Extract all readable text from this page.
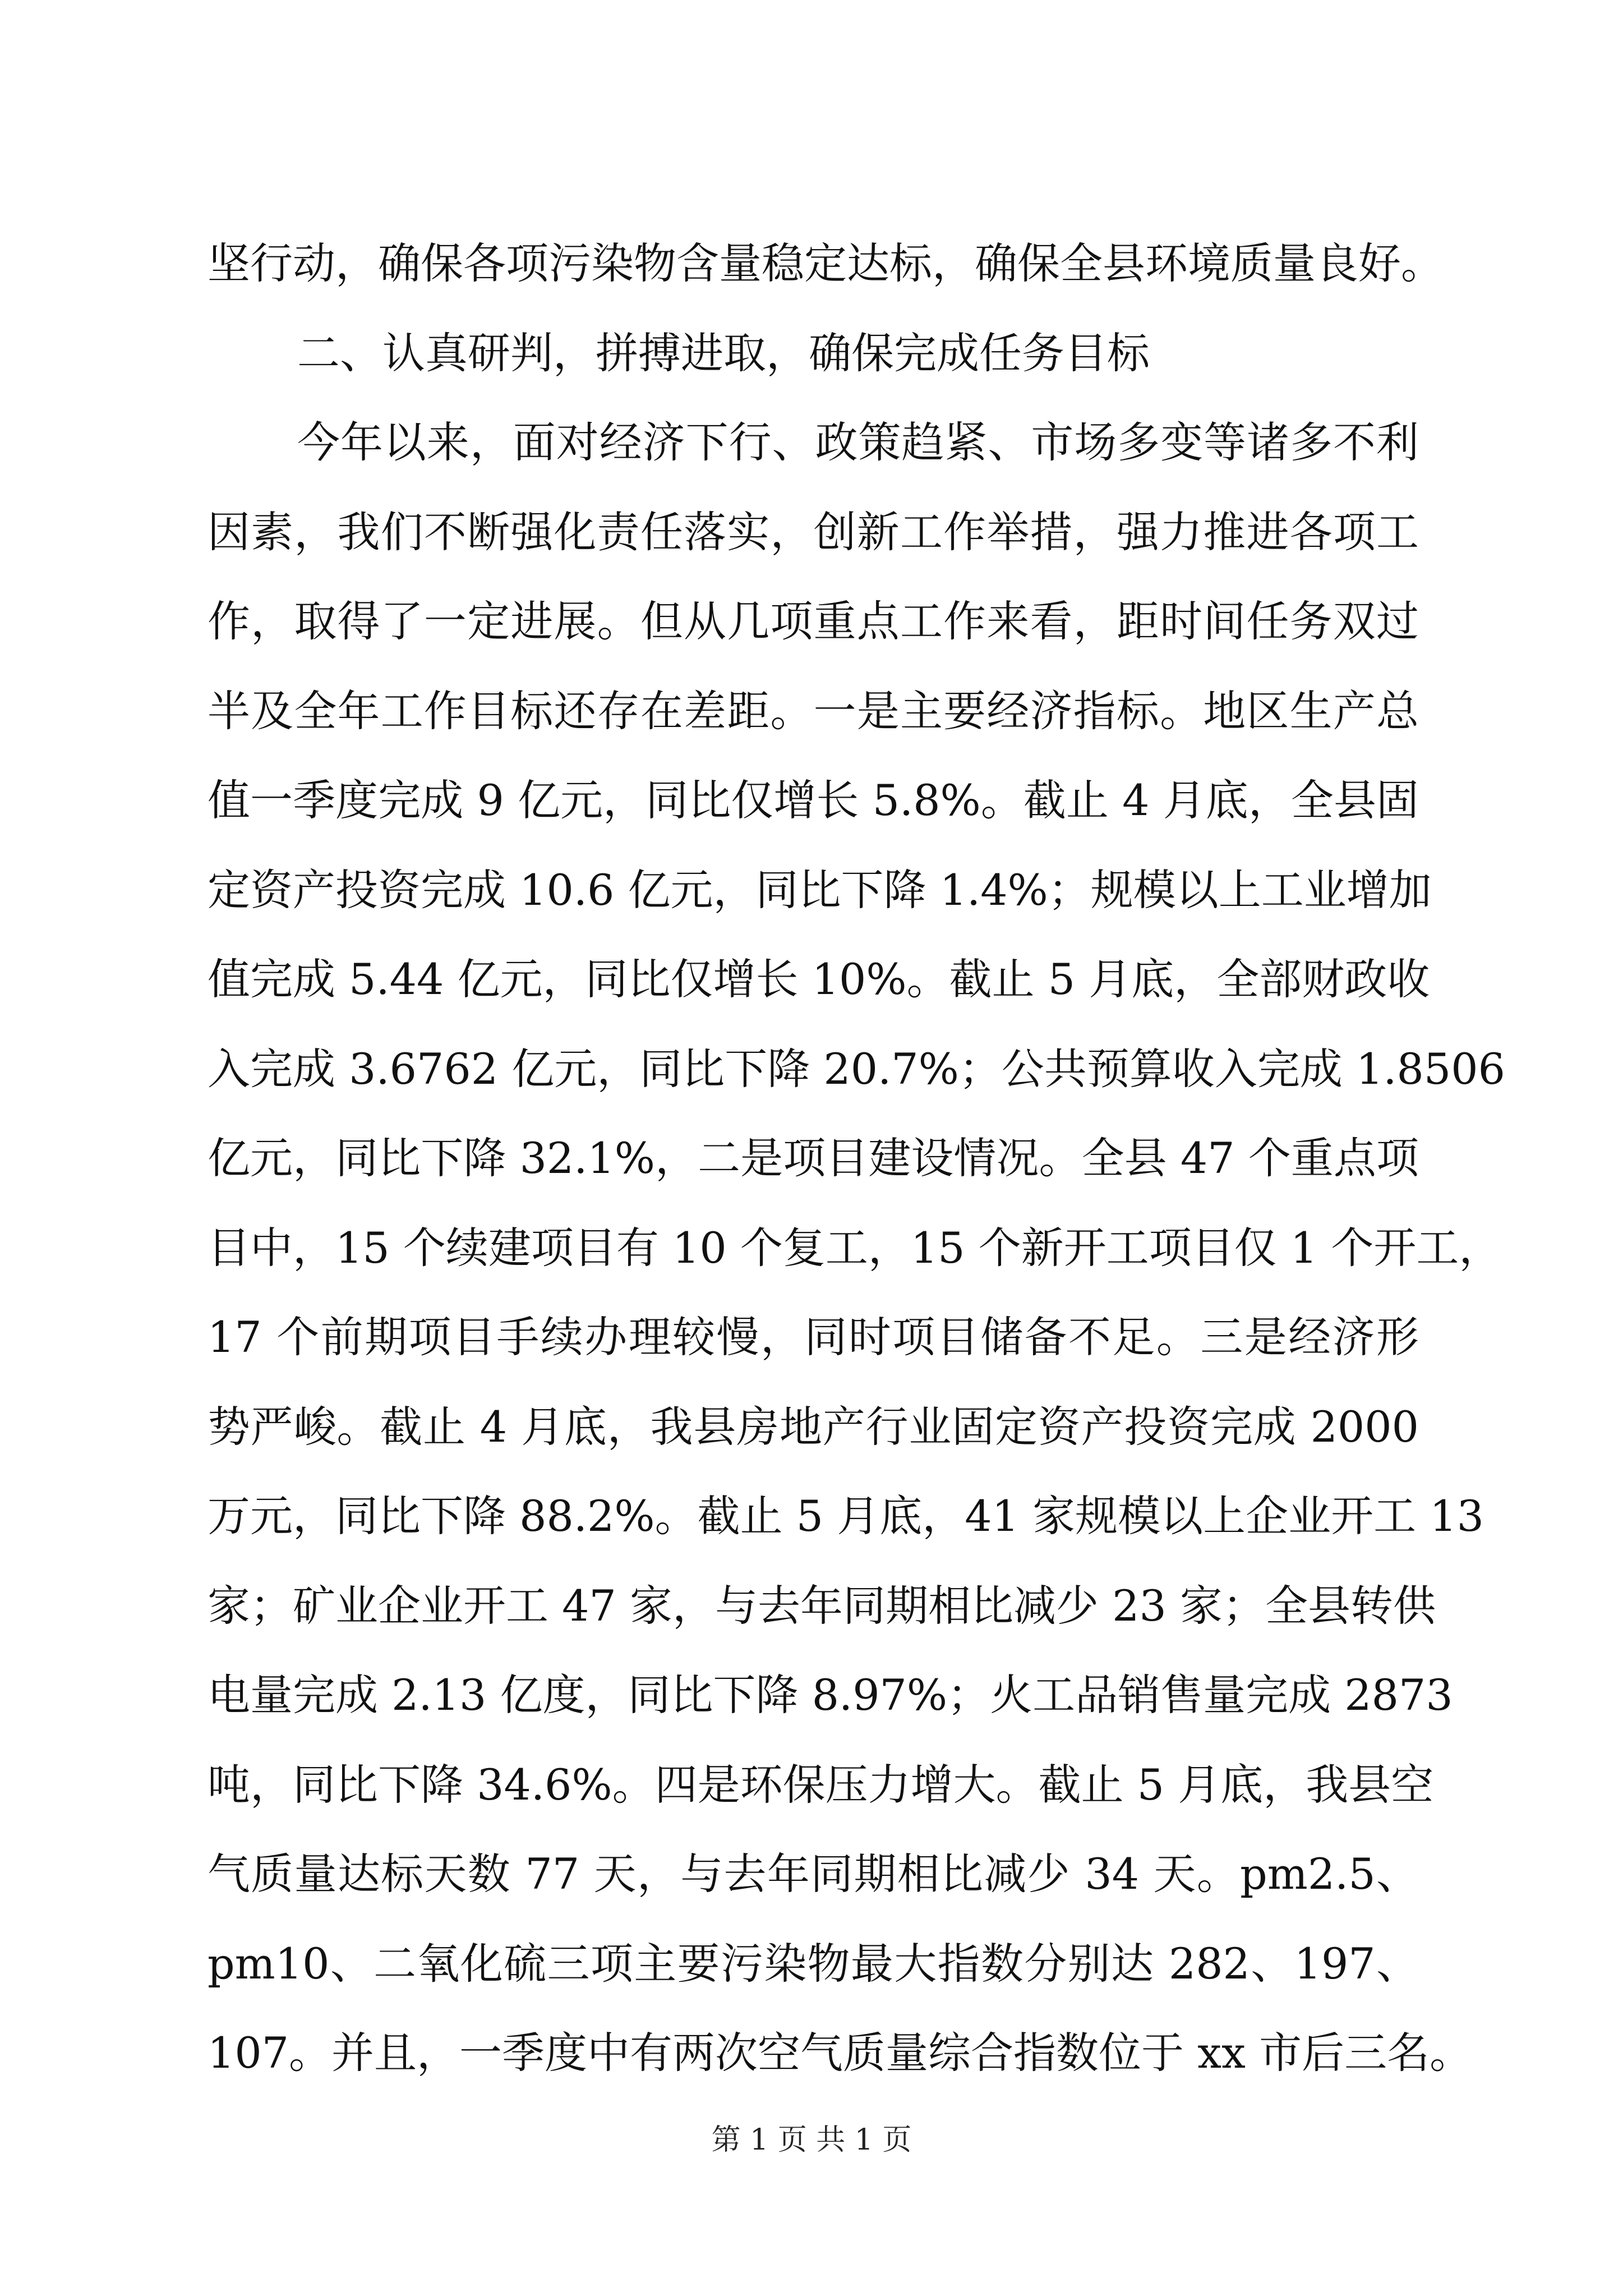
坚行动，确保各项污染物含量稳定达标，确保全县环境质量良好。
二、认真研判，拼搏进取，确保完成任务目标
今年以来，面对经济下行、政策趋紧、市场多变等诸多不利
因素，我们不断强化责任落实，创新工作举措，强力推进各项工
作，取得了一定进展。但从几项重点工作来看，距时间任务双过
半及全年工作目标还存在差距。一是主要经济指标。地区生产总
值一季度完成 9 亿元，同比仅增长 5.8%。截止 4 月底，全县固
定资产投资完成 10.6 亿元，同比下降 1.4%；规模以上工业增加
值完成 5.44 亿元，同比仅增长 10%。截止 5 月底，全部财政收
入完成 3.6762 亿元，同比下降 20.7%；公共预算收入完成 1.8506
亿元，同比下降 32.1%，二是项目建设情况。全县 47 个重点项
目中，15 个续建项目有 10 个复工，15 个新开工项目仅 1 个开工，
17 个前期项目手续办理较慢，同时项目储备不足。三是经济形
势严峻。截止 4 月底，我县房地产行业固定资产投资完成 2000
万元，同比下降 88.2%。截止 5 月底，41 家规模以上企业开工 13
家；矿业企业开工 47 家，与去年同期相比减少 23 家；全县转供
电量完成 2.13 亿度，同比下降 8.97%；火工品销售量完成 2873
吨，同比下降 34.6%。四是环保压力增大。截止 5 月底，我县空
气质量达标天数 77 天，与去年同期相比减少 34 天。pm2.5、
pm10、二氧化硫三项主要污染物最大指数分别达 282、197、
107。并且，一季度中有两次空气质量综合指数位于 xx 市后三名。
第 1 页 共 1 页
